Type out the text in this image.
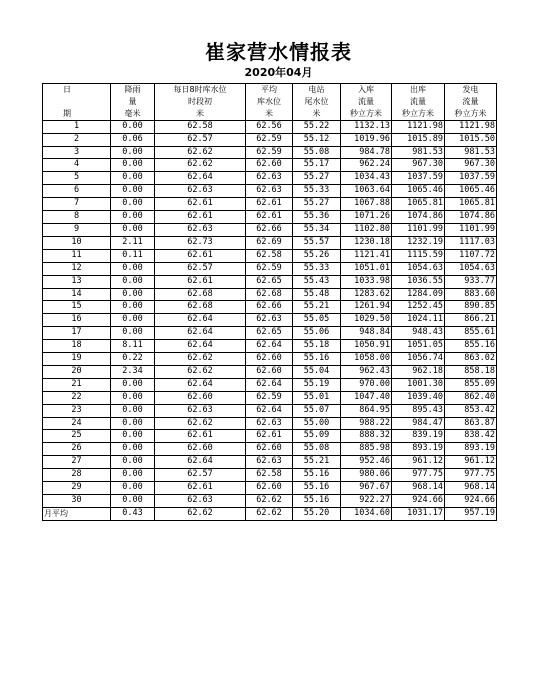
崔家营水情报表
2020年04月
日	降雨	每日8时库水位	平均	电站	入库	出库	发电
	量	时段初	库水位	尾水位	流量	流量	流量
期	毫米	米	米	米	秒立方米	秒立方米	秒立方米
1	0.00	62.58	62.56	55.22	1132.13	1121.98	1121.98
2	0.06	62.57	62.59	55.12	1019.96	1015.89	1015.50
3	0.00	62.62	62.59	55.08	984.78	981.53	981.53
4	0.00	62.62	62.60	55.17	962.24	967.30	967.30
5	0.00	62.64	62.63	55.27	1034.43	1037.59	1037.59
6	0.00	62.63	62.63	55.33	1063.64	1065.46	1065.46
7	0.00	62.61	62.61	55.27	1067.88	1065.81	1065.81
8	0.00	62.61	62.61	55.36	1071.26	1074.86	1074.86
9	0.00	62.63	62.66	55.34	1102.80	1101.99	1101.99
10	2.11	62.73	62.69	55.57	1230.18	1232.19	1117.03
11	0.11	62.61	62.58	55.26	1121.41	1115.59	1107.72
12	0.00	62.57	62.59	55.33	1051.01	1054.63	1054.63
13	0.00	62.61	62.65	55.43	1033.98	1036.55	933.77
14	0.00	62.68	62.68	55.48	1283.62	1284.09	883.60
15	0.00	62.68	62.66	55.21	1261.94	1252.45	890.85
16	0.00	62.64	62.63	55.05	1029.50	1024.11	866.21
17	0.00	62.64	62.65	55.06	948.84	948.43	855.61
18	8.11	62.64	62.64	55.18	1050.91	1051.05	855.16
19	0.22	62.62	62.60	55.16	1058.00	1056.74	863.02
20	2.34	62.62	62.60	55.04	962.43	962.18	858.18
21	0.00	62.64	62.64	55.19	970.00	1001.30	855.09
22	0.00	62.60	62.59	55.01	1047.40	1039.40	862.40
23	0.00	62.63	62.64	55.07	864.95	895.43	853.42
24	0.00	62.62	62.63	55.00	988.22	984.47	863.87
25	0.00	62.61	62.61	55.09	888.32	839.19	838.42
26	0.00	62.60	62.60	55.08	885.98	893.19	893.19
27	0.00	62.64	62.63	55.21	952.46	961.12	961.12
28	0.00	62.57	62.58	55.16	980.06	977.75	977.75
29	0.00	62.61	62.60	55.16	967.67	968.14	968.14
30	0.00	62.63	62.62	55.16	922.27	924.66	924.66
月平均	0.43	62.62	62.62	55.20	1034.60	1031.17	957.19
